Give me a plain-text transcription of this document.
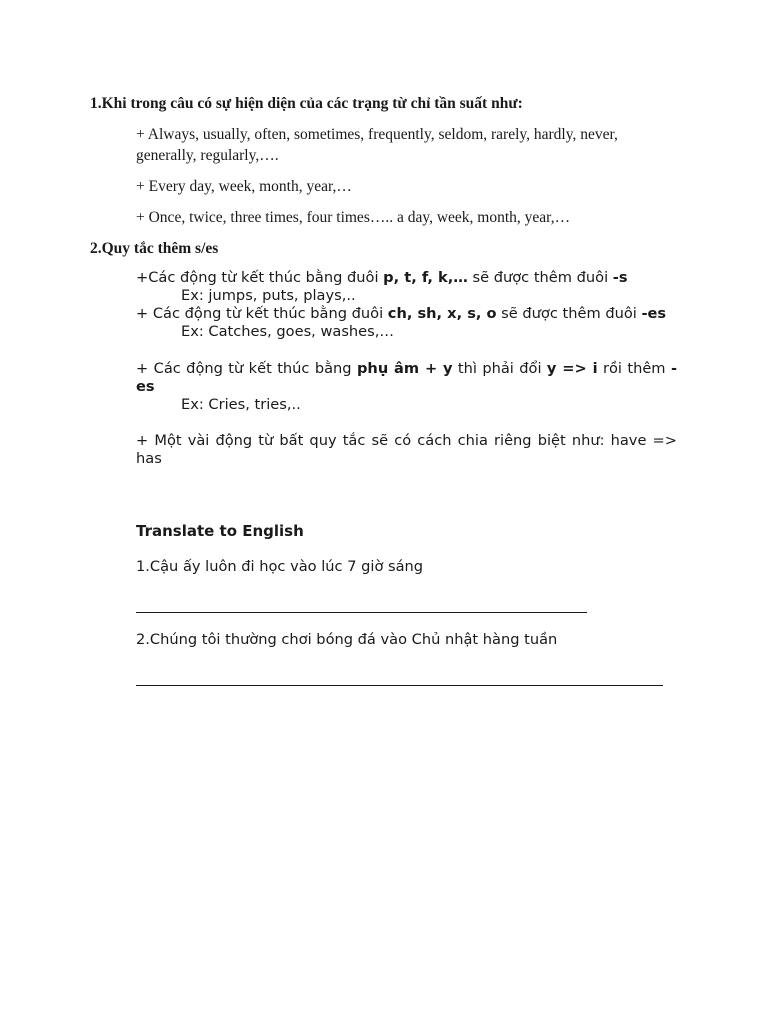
1.Khi trong câu có sự hiện diện của các trạng từ chỉ tần suất như:
+ Always, usually, often, sometimes, frequently, seldom, rarely, hardly, never, generally, regularly,….
+ Every day, week, month, year,…
+ Once, twice, three times, four times….. a day, week, month, year,…
2.Quy tắc thêm s/es
+Các động từ kết thúc bằng đuôi p, t, f, k,… sẽ được thêm đuôi -s
Ex: jumps, puts, plays,..
+ Các động từ kết thúc bằng đuôi ch, sh, x, s, o sẽ được thêm đuôi -es
Ex: Catches, goes, washes,…
+ Các động từ kết thúc bằng phụ âm + y thì phải đổi y => i rồi thêm -es
Ex: Cries, tries,..
+ Một vài động từ bất quy tắc sẽ có cách chia riêng biệt như: have => has
Translate to English
1.Cậu ấy luôn đi học vào lúc 7 giờ sáng
2.Chúng tôi thường chơi bóng đá vào Chủ nhật hàng tuần
